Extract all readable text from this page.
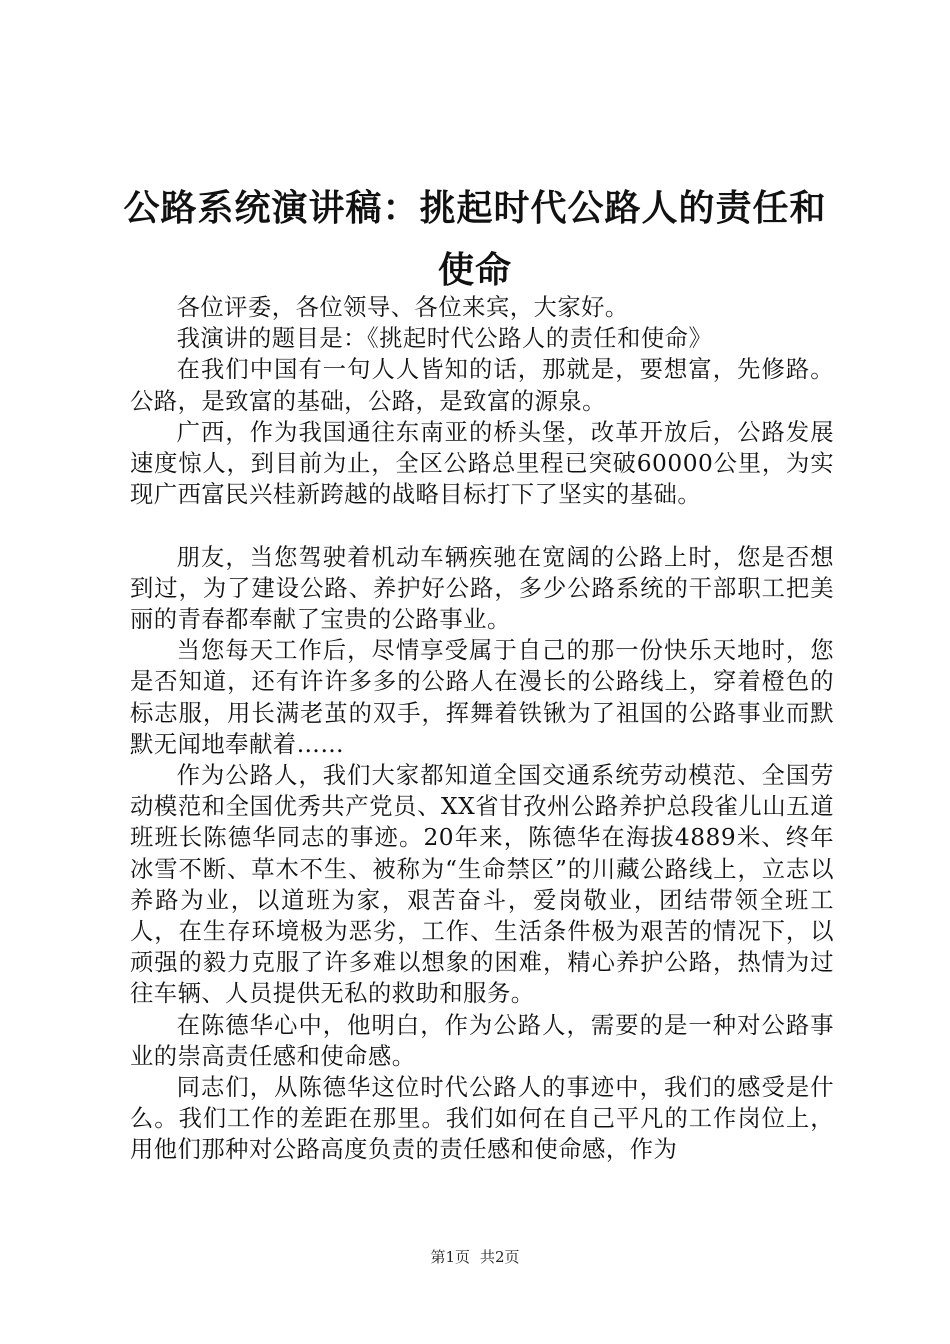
公路系统演讲稿：挑起时代公路人的责任和使命

各位评委，各位领导、各位来宾，大家好。

我演讲的题目是：《挑起时代公路人的责任和使命》

在我们中国有一句人人皆知的话，那就是，要想富，先修路。公路，是致富的基础，公路，是致富的源泉。

广西，作为我国通往东南亚的桥头堡，改革开放后，公路发展速度惊人，到目前为止，全区公路总里程已突破60000公里，为实现广西富民兴桂新跨越的战略目标打下了坚实的基础。

朋友，当您驾驶着机动车辆疾驰在宽阔的公路上时，您是否想到过，为了建设公路、养护好公路，多少公路系统的干部职工把美丽的青春都奉献了宝贵的公路事业。

当您每天工作后，尽情享受属于自己的那一份快乐天地时，您是否知道，还有许许多多的公路人在漫长的公路线上，穿着橙色的标志服，用长满老茧的双手，挥舞着铁锹为了祖国的公路事业而默默无闻地奉献着……

作为公路人，我们大家都知道全国交通系统劳动模范、全国劳动模范和全国优秀共产党员、XX省甘孜州公路养护总段雀儿山五道班班长陈德华同志的事迹。20年来，陈德华在海拔4889米、终年冰雪不断、草木不生、被称为“生命禁区”的川藏公路线上，立志以养路为业，以道班为家，艰苦奋斗，爱岗敬业，团结带领全班工人，在生存环境极为恶劣，工作、生活条件极为艰苦的情况下，以顽强的毅力克服了许多难以想象的困难，精心养护公路，热情为过往车辆、人员提供无私的救助和服务。

在陈德华心中，他明白，作为公路人，需要的是一种对公路事业的崇高责任感和使命感。

同志们，从陈德华这位时代公路人的事迹中，我们的感受是什么。我们工作的差距在那里。我们如何在自己平凡的工作岗位上，用他们那种对公路高度负责的责任感和使命感，作为

第1页 共2页
